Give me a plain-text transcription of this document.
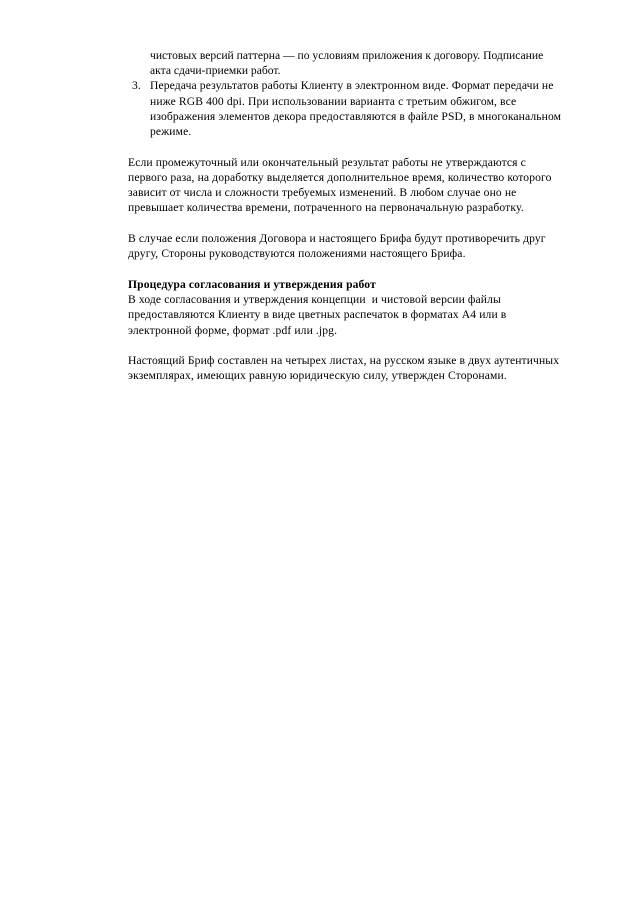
чистовых версий паттерна — по условиям приложения к договору. Подписание акта сдачи-приемки работ.
3. Передача результатов работы Клиенту в электронном виде. Формат передачи не ниже RGB 400 dpi. При использовании варианта с третьим обжигом, все изображения элементов декора предоставляются в файле PSD, в многоканальном режиме.

Если промежуточный или окончательный результат работы не утверждаются с первого раза, на доработку выделяется дополнительное время, количество которого зависит от числа и сложности требуемых изменений. В любом случае оно не превышает количества времени, потраченного на первоначальную разработку.

В случае если положения Договора и настоящего Брифа будут противоречить друг другу, Стороны руководствуются положениями настоящего Брифа.

Процедура согласования и утверждения работ

В ходе согласования и утверждения концепции  и чистовой версии файлы предоставляются Клиенту в виде цветных распечаток в форматах А4 или в электронной форме, формат .pdf или .jpg.

Настоящий Бриф составлен на четырех листах, на русском языке в двух аутентичных экземплярах, имеющих равную юридическую силу, утвержден Сторонами.
